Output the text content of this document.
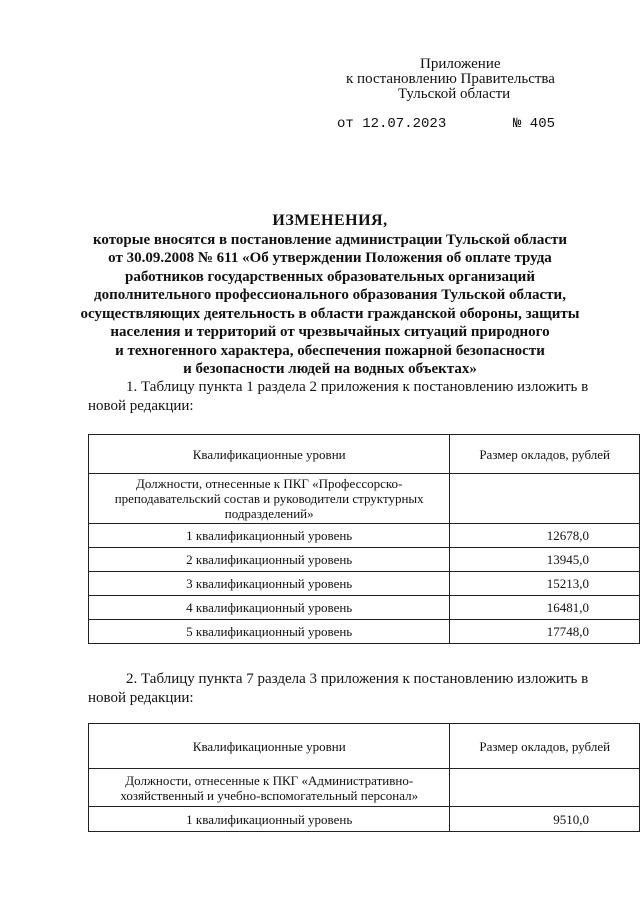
Приложение
к постановлению Правительства
Тульской области
от 12.07.2023	№ 405
ИЗМЕНЕНИЯ,
которые вносятся в постановление администрации Тульской области
от 30.09.2008 № 611 «Об утверждении Положения об оплате труда
работников государственных образовательных организаций
дополнительного профессионального образования Тульской области,
осуществляющих деятельность в области гражданской обороны, защиты
населения и территорий от чрезвычайных ситуаций природного
и техногенного характера, обеспечения пожарной безопасности
и безопасности людей на водных объектах»
1. Таблицу пункта 1 раздела 2 приложения к постановлению изложить в новой редакции:
Квалификационные уровни	Размер окладов, рублей
Должности, отнесенные к ПКГ «Профессорско-преподавательский состав и руководители структурных подразделений»	
1 квалификационный уровень	12678,0
2 квалификационный уровень	13945,0
3 квалификационный уровень	15213,0
4 квалификационный уровень	16481,0
5 квалификационный уровень	17748,0
2. Таблицу пункта 7 раздела 3 приложения к постановлению изложить в новой редакции:
Квалификационные уровни	Размер окладов, рублей
Должности, отнесенные к ПКГ «Административно-хозяйственный и учебно-вспомогательный персонал»	
1 квалификационный уровень	9510,0
